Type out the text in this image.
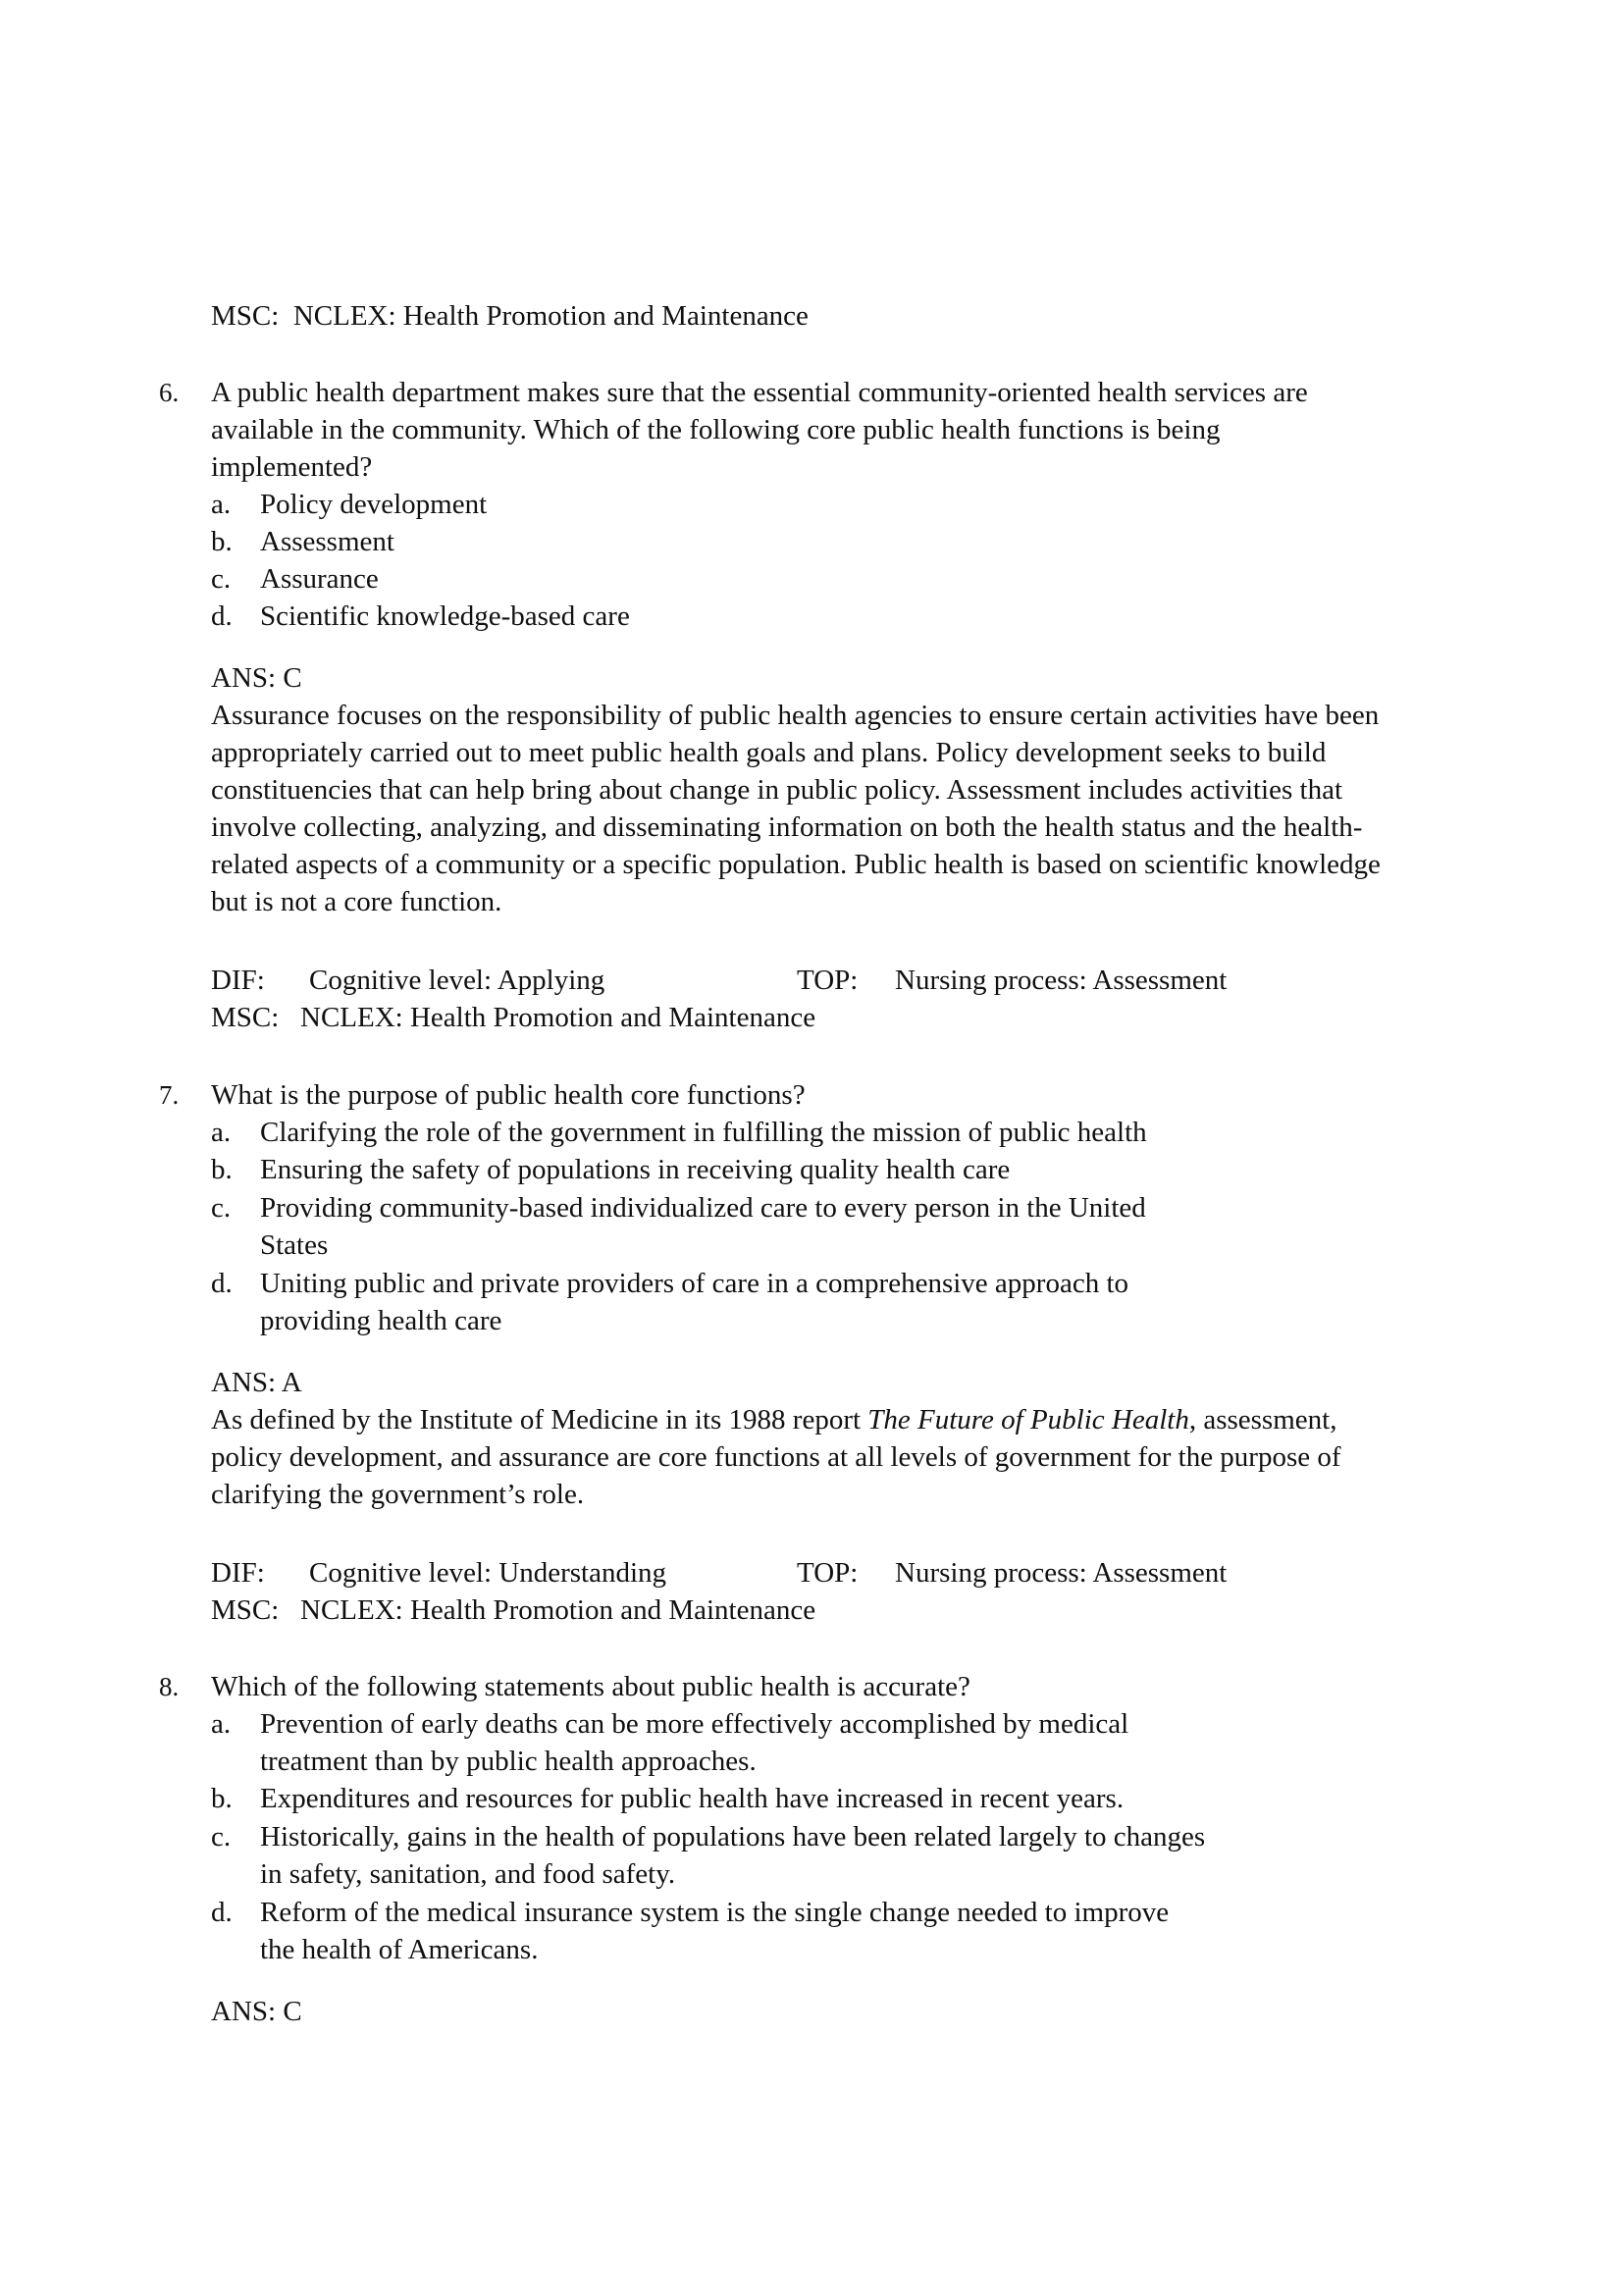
MSC: NCLEX: Health Promotion and Maintenance
6. A public health department makes sure that the essential community-oriented health services are
available in the community. Which of the following core public health functions is being
implemented?
a. Policy development
b. Assessment
c. Assurance
d. Scientific knowledge-based care
ANS: C
Assurance focuses on the responsibility of public health agencies to ensure certain activities have been
appropriately carried out to meet public health goals and plans. Policy development seeks to build
constituencies that can help bring about change in public policy. Assessment includes activities that
involve collecting, analyzing, and disseminating information on both the health status and the health-
related aspects of a community or a specific population. Public health is based on scientific knowledge
but is not a core function.
DIF: Cognitive level: Applying	TOP: Nursing process: Assessment
MSC: NCLEX: Health Promotion and Maintenance
7. What is the purpose of public health core functions?
a. Clarifying the role of the government in fulfilling the mission of public health
b. Ensuring the safety of populations in receiving quality health care
c. Providing community-based individualized care to every person in the United
States
d. Uniting public and private providers of care in a comprehensive approach to
providing health care
ANS: A
As defined by the Institute of Medicine in its 1988 report The Future of Public Health, assessment,
policy development, and assurance are core functions at all levels of government for the purpose of
clarifying the government’s role.
DIF: Cognitive level: Understanding	TOP: Nursing process: Assessment
MSC: NCLEX: Health Promotion and Maintenance
8. Which of the following statements about public health is accurate?
a. Prevention of early deaths can be more effectively accomplished by medical
treatment than by public health approaches.
b. Expenditures and resources for public health have increased in recent years.
c. Historically, gains in the health of populations have been related largely to changes
in safety, sanitation, and food safety.
d. Reform of the medical insurance system is the single change needed to improve
the health of Americans.
ANS: C
